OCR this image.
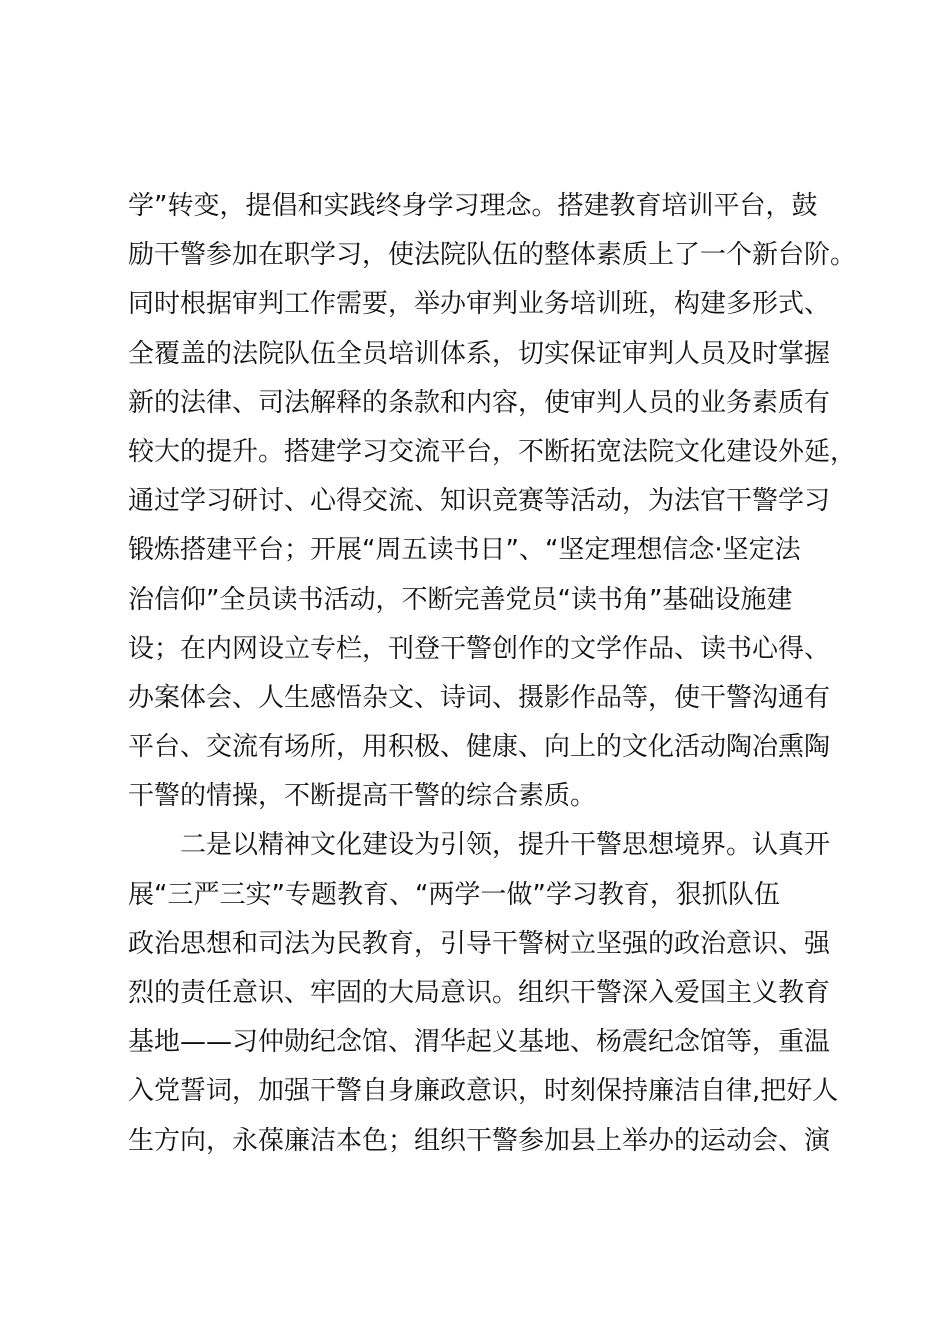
学”转变，提倡和实践终身学习理念。搭建教育培训平台，鼓
励干警参加在职学习，使法院队伍的整体素质上了一个新台阶。
同时根据审判工作需要，举办审判业务培训班，构建多形式、
全覆盖的法院队伍全员培训体系，切实保证审判人员及时掌握
新的法律、司法解释的条款和内容，使审判人员的业务素质有
较大的提升。搭建学习交流平台，不断拓宽法院文化建设外延，
通过学习研讨、心得交流、知识竞赛等活动，为法官干警学习
锻炼搭建平台；开展“周五读书日”、“坚定理想信念·坚定法
治信仰”全员读书活动，不断完善党员“读书角”基础设施建
设；在内网设立专栏，刊登干警创作的文学作品、读书心得、
办案体会、人生感悟杂文、诗词、摄影作品等，使干警沟通有
平台、交流有场所，用积极、健康、向上的文化活动陶冶熏陶
干警的情操，不断提高干警的综合素质。
二是以精神文化建设为引领，提升干警思想境界。认真开
展“三严三实”专题教育、“两学一做”学习教育，狠抓队伍
政治思想和司法为民教育，引导干警树立坚强的政治意识、强
烈的责任意识、牢固的大局意识。组织干警深入爱国主义教育
基地——习仲勋纪念馆、渭华起义基地、杨震纪念馆等，重温
入党誓词，加强干警自身廉政意识，时刻保持廉洁自律,把好人
生方向，永葆廉洁本色；组织干警参加县上举办的运动会、演
